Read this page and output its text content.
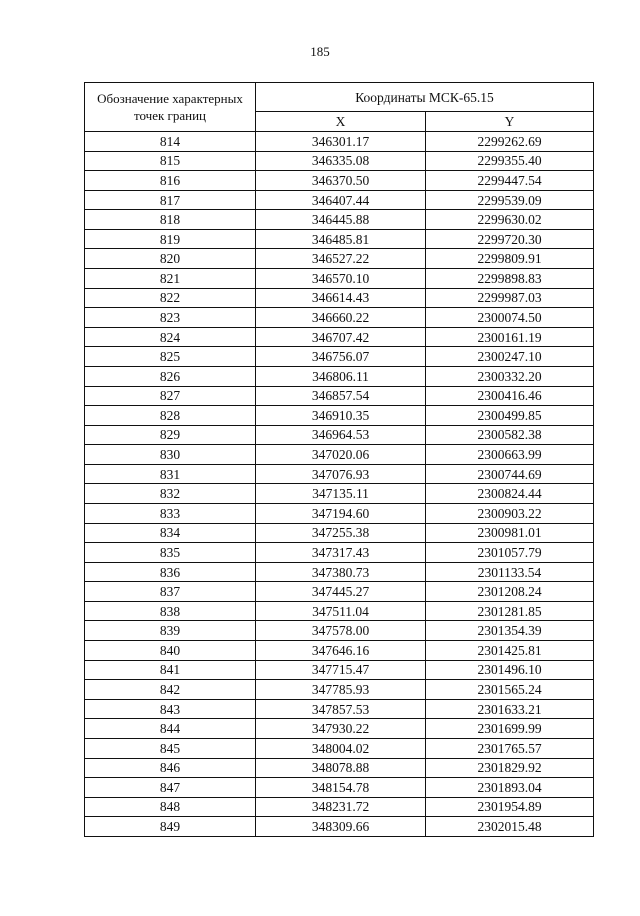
185
Обозначение характерных точек границ	Координаты МСК-65.15	
	X	Y
814	346301.17	2299262.69
815	346335.08	2299355.40
816	346370.50	2299447.54
817	346407.44	2299539.09
818	346445.88	2299630.02
819	346485.81	2299720.30
820	346527.22	2299809.91
821	346570.10	2299898.83
822	346614.43	2299987.03
823	346660.22	2300074.50
824	346707.42	2300161.19
825	346756.07	2300247.10
826	346806.11	2300332.20
827	346857.54	2300416.46
828	346910.35	2300499.85
829	346964.53	2300582.38
830	347020.06	2300663.99
831	347076.93	2300744.69
832	347135.11	2300824.44
833	347194.60	2300903.22
834	347255.38	2300981.01
835	347317.43	2301057.79
836	347380.73	2301133.54
837	347445.27	2301208.24
838	347511.04	2301281.85
839	347578.00	2301354.39
840	347646.16	2301425.81
841	347715.47	2301496.10
842	347785.93	2301565.24
843	347857.53	2301633.21
844	347930.22	2301699.99
845	348004.02	2301765.57
846	348078.88	2301829.92
847	348154.78	2301893.04
848	348231.72	2301954.89
849	348309.66	2302015.48
